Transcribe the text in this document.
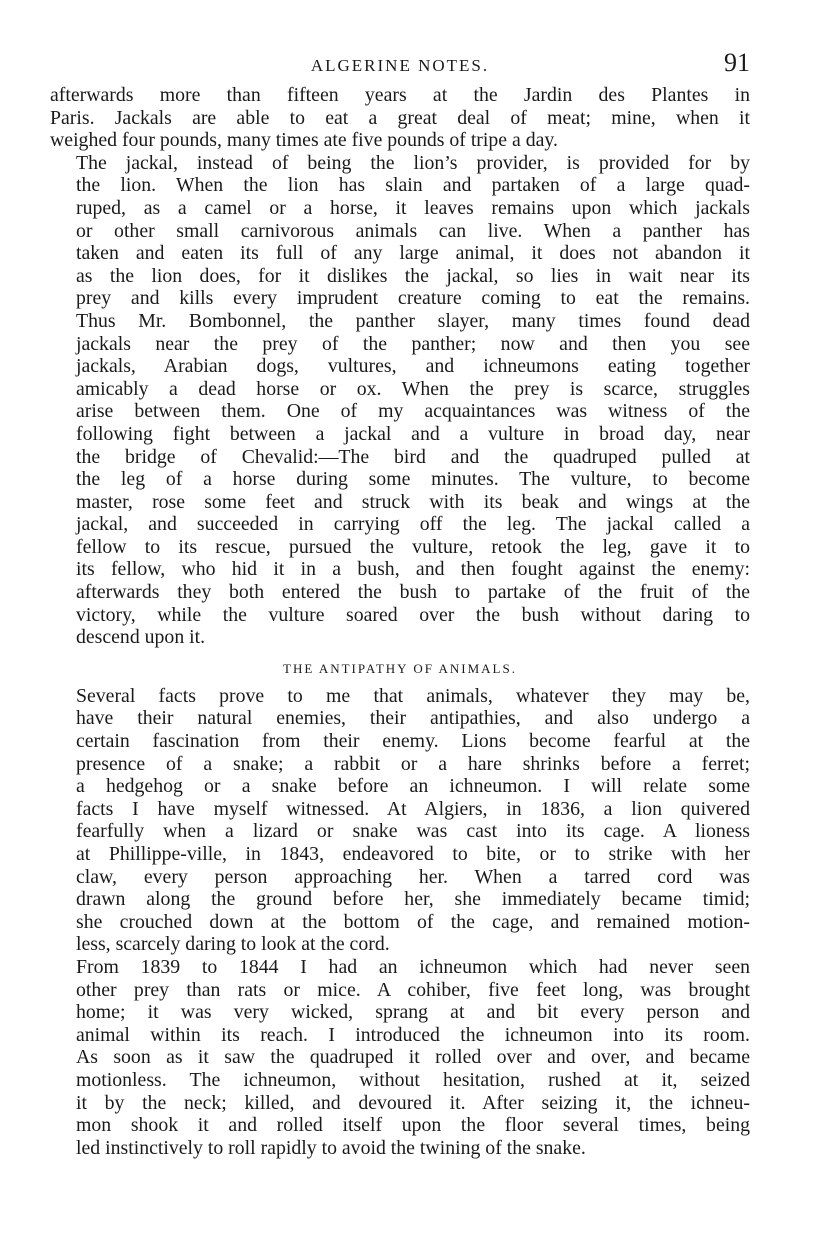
ALGERINE NOTES.	91
afterwards more than fifteen years at the Jardin des Plantes in
Paris. Jackals are able to eat a great deal of meat; mine, when it
weighed four pounds, many times ate five pounds of tripe a day.
The jackal, instead of being the lion’s provider, is provided for by
the lion. When the lion has slain and partaken of a large quad-
ruped, as a camel or a horse, it leaves remains upon which jackals
or other small carnivorous animals can live. When a panther has
taken and eaten its full of any large animal, it does not abandon it
as the lion does, for it dislikes the jackal, so lies in wait near its
prey and kills every imprudent creature coming to eat the remains.
Thus Mr. Bombonnel, the panther slayer, many times found dead
jackals near the prey of the panther; now and then you see
jackals, Arabian dogs, vultures, and ichneumons eating together
amicably a dead horse or ox. When the prey is scarce, struggles
arise between them. One of my acquaintances was witness of the
following fight between a jackal and a vulture in broad day, near
the bridge of Chevalid:—The bird and the quadruped pulled at
the leg of a horse during some minutes. The vulture, to become
master, rose some feet and struck with its beak and wings at the
jackal, and succeeded in carrying off the leg. The jackal called a
fellow to its rescue, pursued the vulture, retook the leg, gave it to
its fellow, who hid it in a bush, and then fought against the enemy:
afterwards they both entered the bush to partake of the fruit of the
victory, while the vulture soared over the bush without daring to
descend upon it.
THE ANTIPATHY OF ANIMALS.
Several facts prove to me that animals, whatever they may be,
have their natural enemies, their antipathies, and also undergo a
certain fascination from their enemy. Lions become fearful at the
presence of a snake; a rabbit or a hare shrinks before a ferret;
a hedgehog or a snake before an ichneumon. I will relate some
facts I have myself witnessed. At Algiers, in 1836, a lion quivered
fearfully when a lizard or snake was cast into its cage. A lioness
at Phillippe-ville, in 1843, endeavored to bite, or to strike with her
claw, every person approaching her. When a tarred cord was
drawn along the ground before her, she immediately became timid;
she crouched down at the bottom of the cage, and remained motion-
less, scarcely daring to look at the cord.
From 1839 to 1844 I had an ichneumon which had never seen
other prey than rats or mice. A cohiber, five feet long, was brought
home; it was very wicked, sprang at and bit every person and
animal within its reach. I introduced the ichneumon into its room.
As soon as it saw the quadruped it rolled over and over, and became
motionless. The ichneumon, without hesitation, rushed at it, seized
it by the neck; killed, and devoured it. After seizing it, the ichneu-
mon shook it and rolled itself upon the floor several times, being
led instinctively to roll rapidly to avoid the twining of the snake.
